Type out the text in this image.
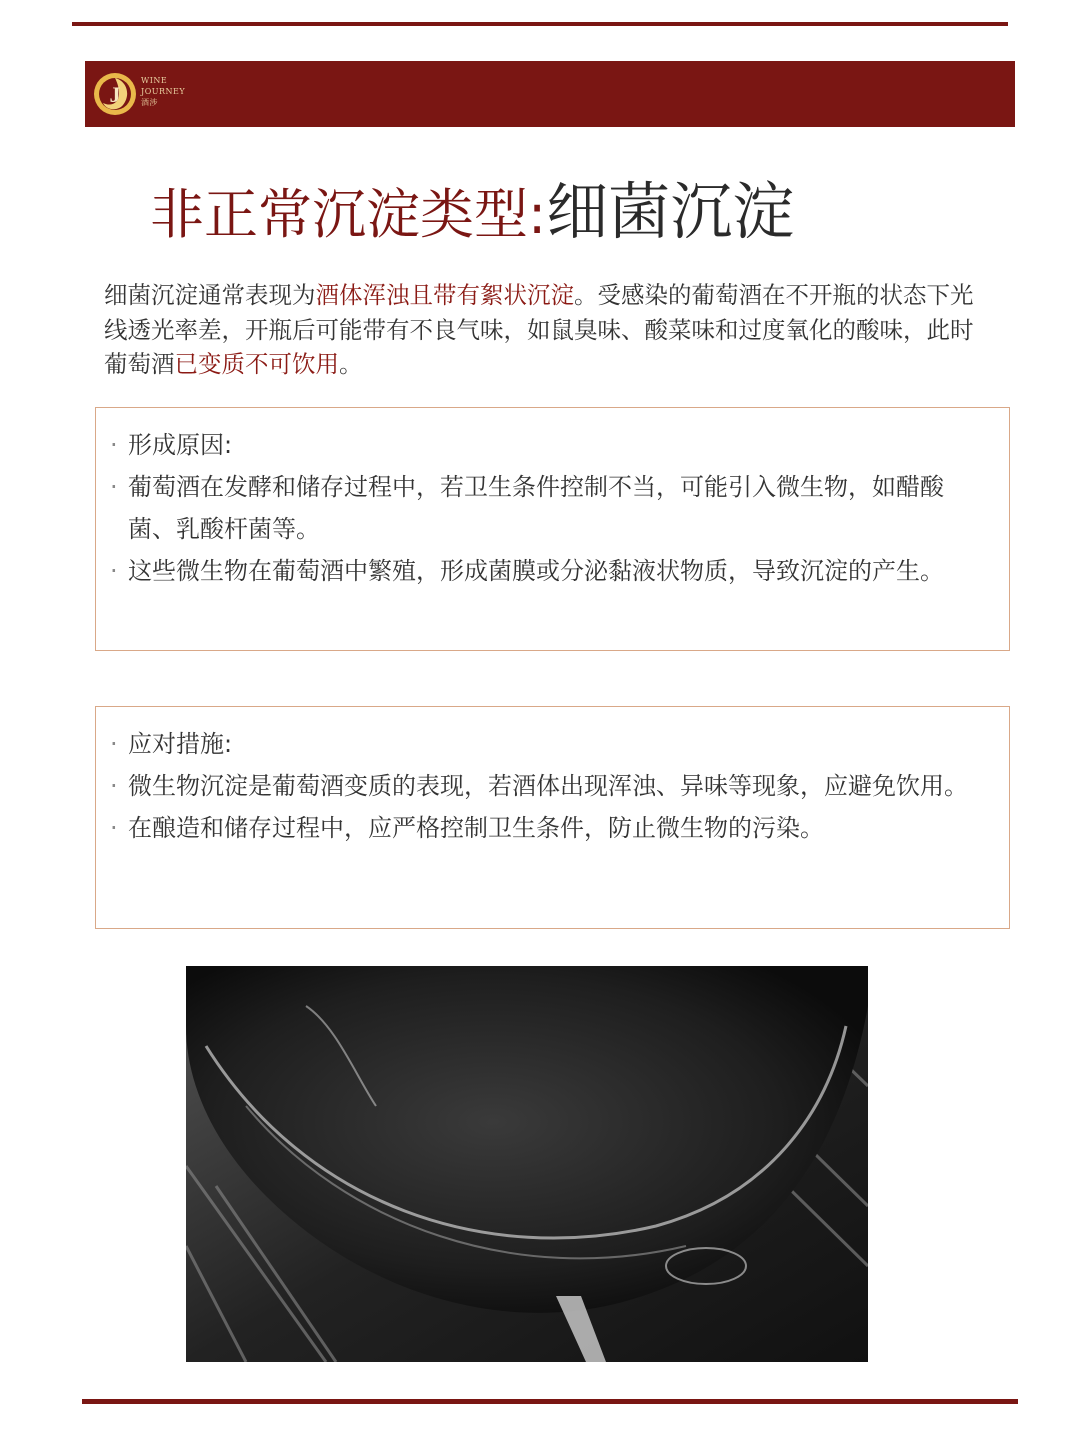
J
WINE
JOURNEY
酒涉
非正常沉淀类型:细菌沉淀
细菌沉淀通常表现为酒体浑浊且带有絮状沉淀。受感染的葡萄酒在不开瓶的状态下光线透光率差，开瓶后可能带有不良气味，如鼠臭味、酸菜味和过度氧化的酸味，此时葡萄酒已变质不可饮用。
· 形成原因:
· 葡萄酒在发酵和储存过程中，若卫生条件控制不当，可能引入微生物，如醋酸菌、乳酸杆菌等。
· 这些微生物在葡萄酒中繁殖，形成菌膜或分泌黏液状物质，导致沉淀的产生。
· 应对措施:
· 微生物沉淀是葡萄酒变质的表现，若酒体出现浑浊、异味等现象，应避免饮用。
· 在酿造和储存过程中，应严格控制卫生条件，防止微生物的污染。
